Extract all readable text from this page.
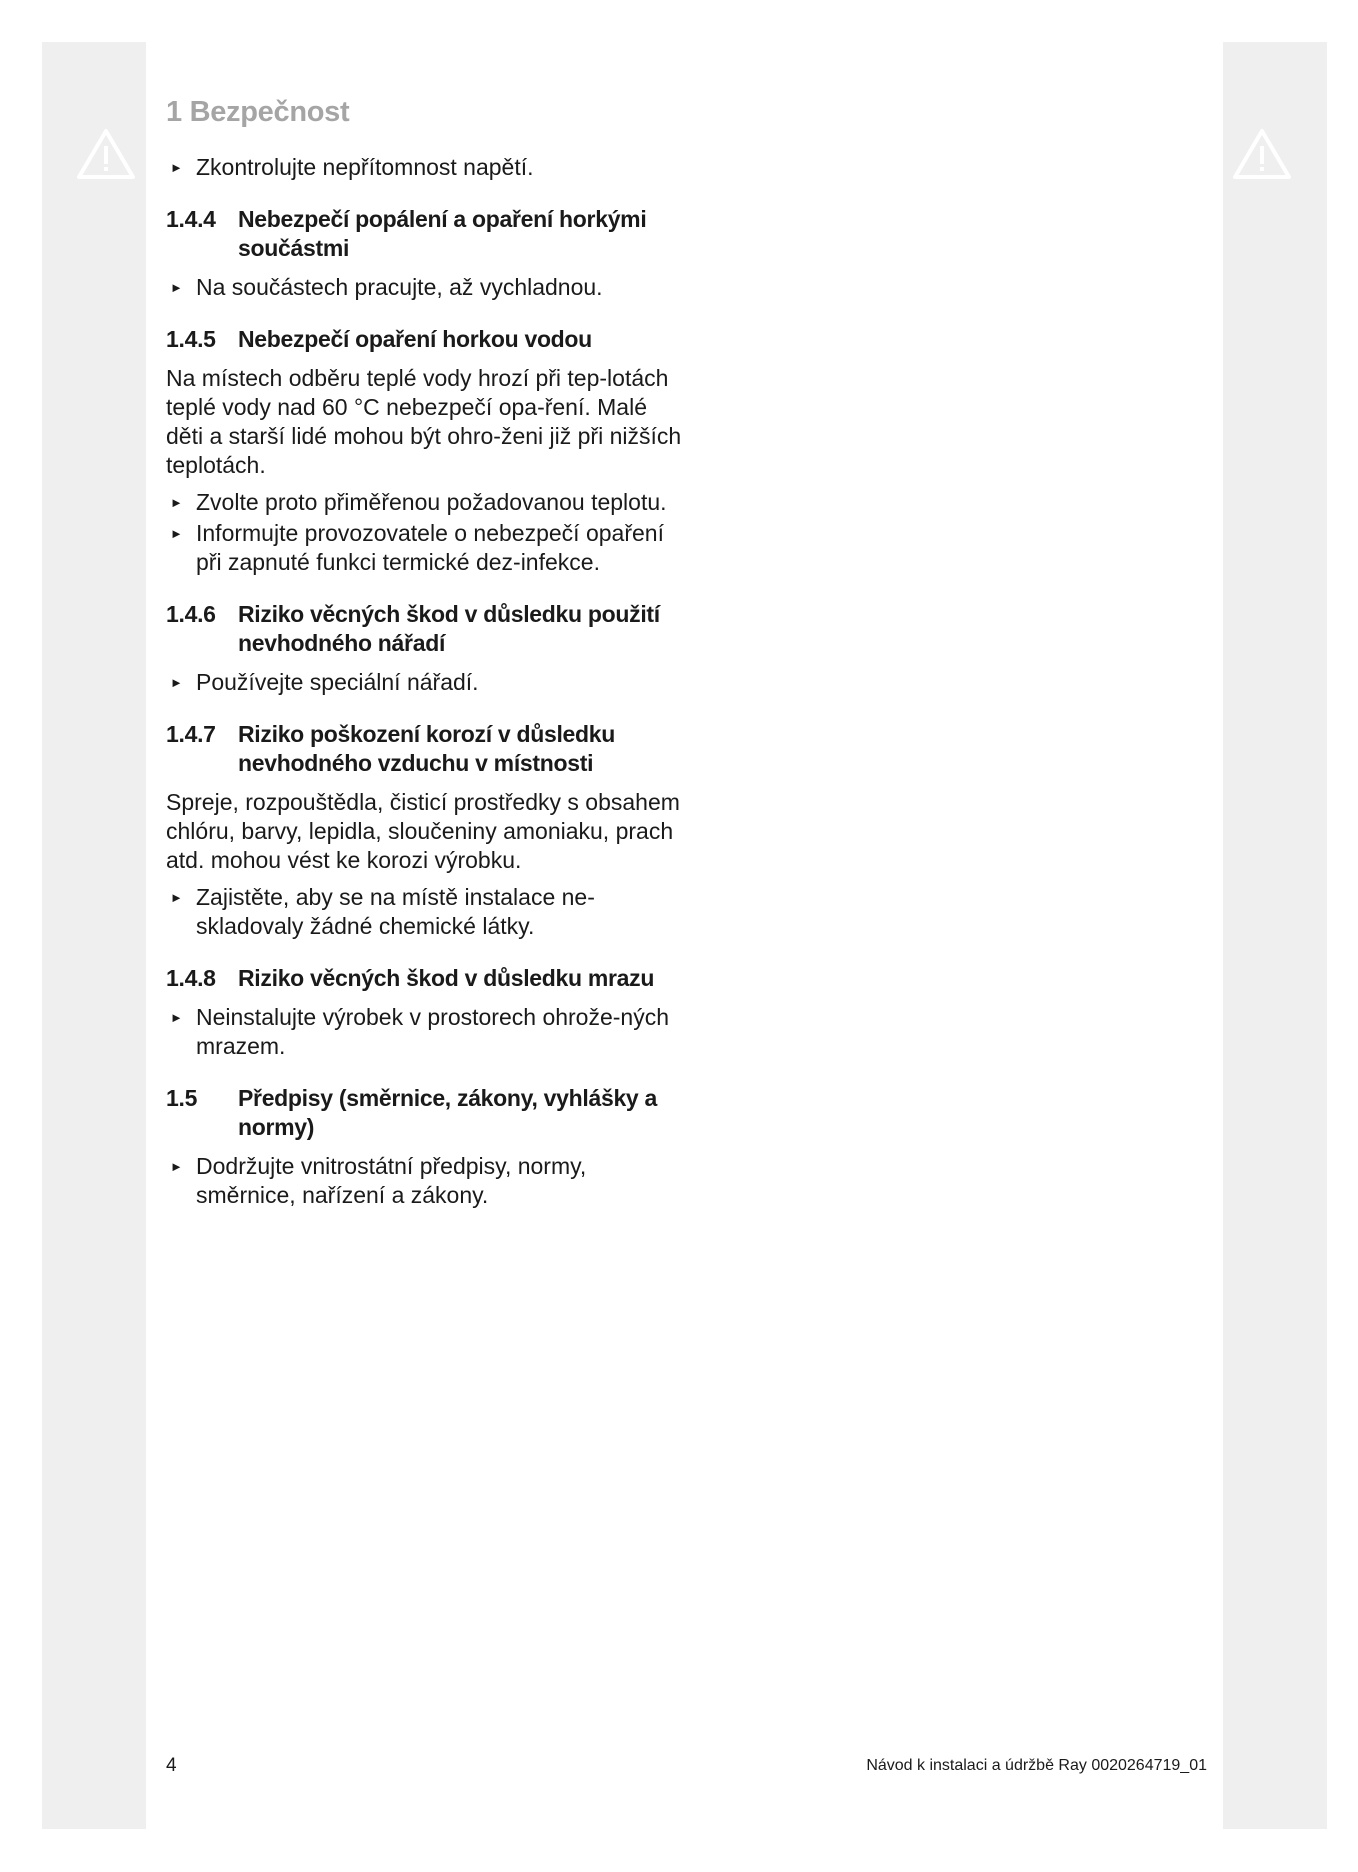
1 Bezpečnost
► Zkontrolujte nepřítomnost napětí.
1.4.4 Nebezpečí popálení a opaření horkými součástmi
► Na součástech pracujte, až vychladnou.
1.4.5 Nebezpečí opaření horkou vodou
Na místech odběru teplé vody hrozí při tep-lotách teplé vody nad 60 °C nebezpečí opa-ření. Malé děti a starší lidé mohou být ohro-ženi již při nižších teplotách.
► Zvolte proto přiměřenou požadovanou teplotu.
► Informujte provozovatele o nebezpečí opaření při zapnuté funkci termické dez-infekce.
1.4.6 Riziko věcných škod v důsledku použití nevhodného nářadí
► Používejte speciální nářadí.
1.4.7 Riziko poškození korozí v důsledku nevhodného vzduchu v místnosti
Spreje, rozpouštědla, čisticí prostředky s obsahem chlóru, barvy, lepidla, sloučeniny amoniaku, prach atd. mohou vést ke korozi výrobku.
► Zajistěte, aby se na místě instalace ne-skladovaly žádné chemické látky.
1.4.8 Riziko věcných škod v důsledku mrazu
► Neinstalujte výrobek v prostorech ohrože-ných mrazem.
1.5	Předpisy (směrnice, zákony, vyhlášky a normy)
► Dodržujte vnitrostátní předpisy, normy, směrnice, nařízení a zákony.
4	Návod k instalaci a údržbě Ray 0020264719_01
